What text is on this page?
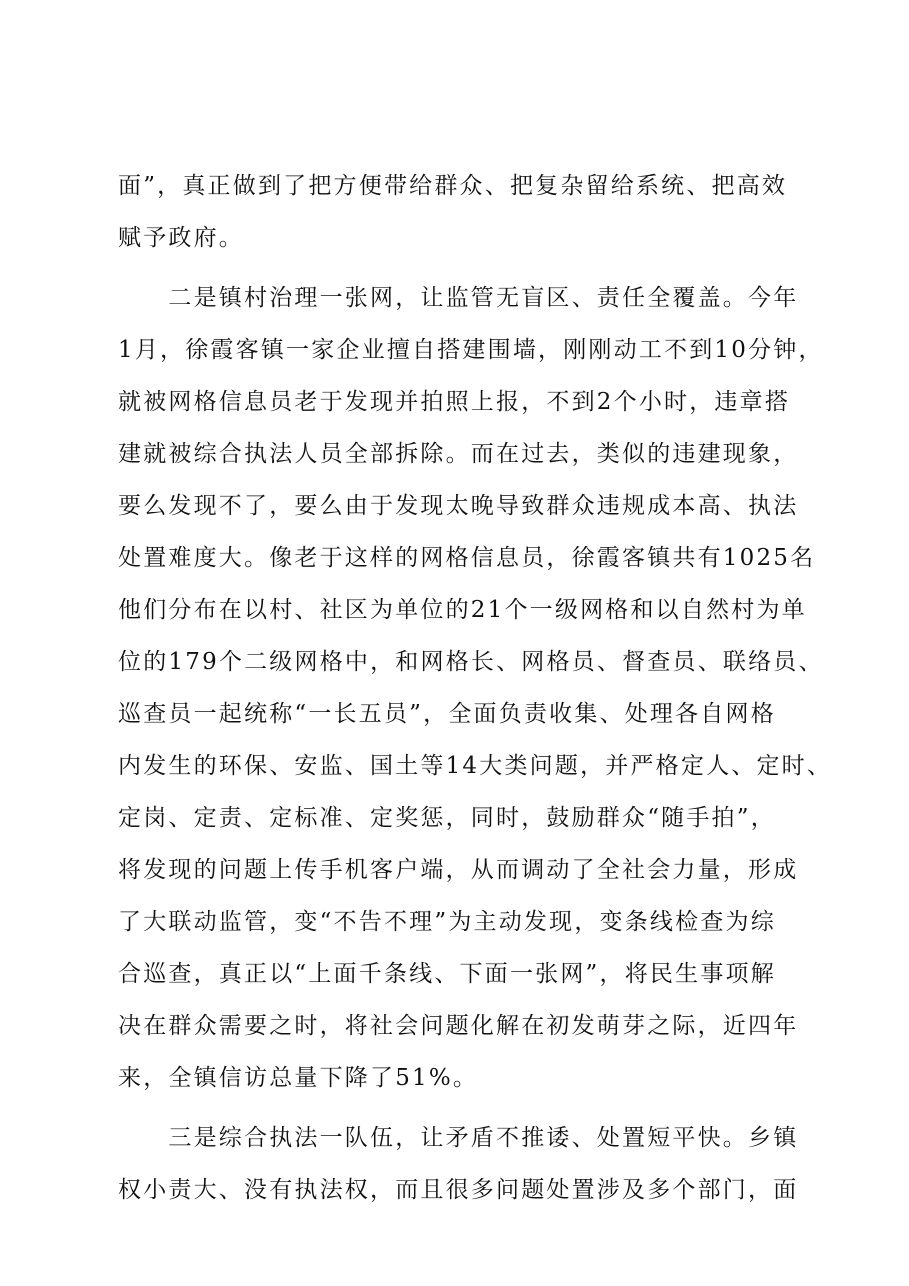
面”，真正做到了把方便带给群众、把复杂留给系统、把高效
赋予政府。
　　二是镇村治理一张网，让监管无盲区、责任全覆盖。今年
1月，徐霞客镇一家企业擅自搭建围墙，刚刚动工不到10分钟，
就被网格信息员老于发现并拍照上报，不到2个小时，违章搭
建就被综合执法人员全部拆除。而在过去，类似的违建现象，
要么发现不了，要么由于发现太晚导致群众违规成本高、执法
处置难度大。像老于这样的网格信息员，徐霞客镇共有1025名
他们分布在以村、社区为单位的21个一级网格和以自然村为单
位的179个二级网格中，和网格长、网格员、督查员、联络员、
巡查员一起统称“一长五员”，全面负责收集、处理各自网格
内发生的环保、安监、国土等14大类问题，并严格定人、定时、
定岗、定责、定标准、定奖惩，同时，鼓励群众“随手拍”，
将发现的问题上传手机客户端，从而调动了全社会力量，形成
了大联动监管，变“不告不理”为主动发现，变条线检查为综
合巡查，真正以“上面千条线、下面一张网”，将民生事项解
决在群众需要之时，将社会问题化解在初发萌芽之际，近四年
来，全镇信访总量下降了51%。
　　三是综合执法一队伍，让矛盾不推诿、处置短平快。乡镇
权小责大、没有执法权，而且很多问题处置涉及多个部门，面
